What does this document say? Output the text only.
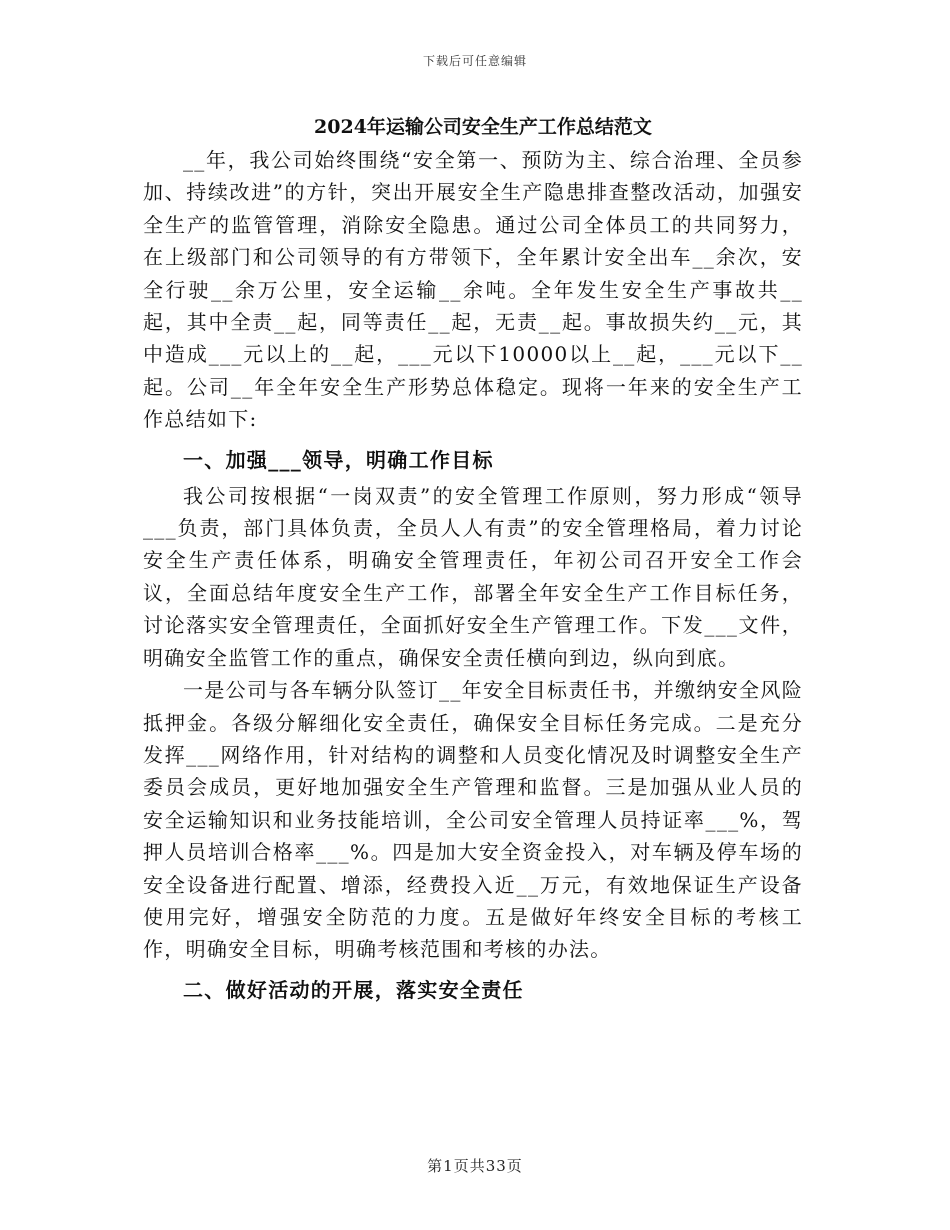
下载后可任意编辑
2024年运输公司安全生产工作总结范文

__年，我公司始终围绕“安全第一、预防为主、综合治理、全员参加、持续改进”的方针，突出开展安全生产隐患排查整改活动，加强安全生产的监管管理，消除安全隐患。通过公司全体员工的共同努力，在上级部门和公司领导的有方带领下，全年累计安全出车__余次，安全行驶__余万公里，安全运输__余吨。全年发生安全生产事故共__起，其中全责__起，同等责任__起，无责__起。事故损失约__元，其中造成___元以上的__起，___元以下10000以上__起，___元以下__起。公司__年全年安全生产形势总体稳定。现将一年来的安全生产工作总结如下:

一、加强___领导，明确工作目标

我公司按根据“一岗双责”的安全管理工作原则，努力形成“领导___负责，部门具体负责，全员人人有责”的安全管理格局，着力讨论安全生产责任体系，明确安全管理责任，年初公司召开安全工作会议，全面总结年度安全生产工作，部署全年安全生产工作目标任务，讨论落实安全管理责任，全面抓好安全生产管理工作。下发___文件，明确安全监管工作的重点，确保安全责任横向到边，纵向到底。

一是公司与各车辆分队签订__年安全目标责任书，并缴纳安全风险抵押金。各级分解细化安全责任，确保安全目标任务完成。二是充分发挥___网络作用，针对结构的调整和人员变化情况及时调整安全生产委员会成员，更好地加强安全生产管理和监督。三是加强从业人员的安全运输知识和业务技能培训，全公司安全管理人员持证率___%，驾押人员培训合格率___%。四是加大安全资金投入，对车辆及停车场的安全设备进行配置、增添，经费投入近__万元，有效地保证生产设备使用完好，增强安全防范的力度。五是做好年终安全目标的考核工作，明确安全目标，明确考核范围和考核的办法。

二、做好活动的开展，落实安全责任
第1页共33页
